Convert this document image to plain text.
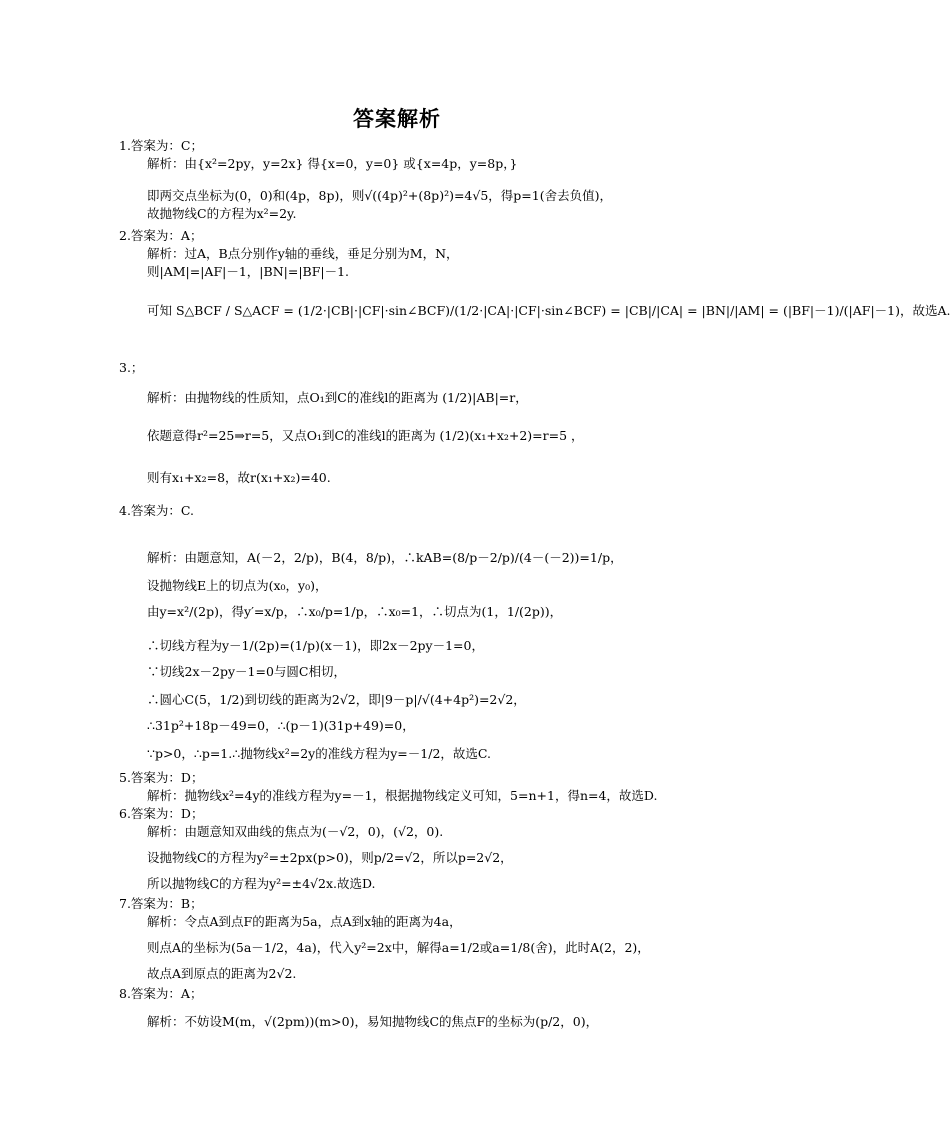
答案解析
1.答案为：C；
解析：由{x²=2py，y=2x} 得{x=0，y=0} 或{x=4p，y=8p，}
即两交点坐标为(0，0)和(4p，8p)，则√((4p)²+(8p)²)=4√5，得p=1(舍去负值)，
故抛物线C的方程为x²=2y.
2.答案为：A；
解析：过A，B点分别作y轴的垂线，垂足分别为M，N，
则|AM|=|AF|－1，|BN|=|BF|－1.
可知 S△BCF / S△ACF = (1/2·|CB|·|CF|·sin∠BCF)/(1/2·|CA|·|CF|·sin∠BCF) = |CB|/|CA| = |BN|/|AM| = (|BF|－1)/(|AF|－1)，故选A.
3.；
解析：由抛物线的性质知，点O₁到C的准线l的距离为 (1/2)|AB|=r，
依题意得r²=25⇒r=5，又点O₁到C的准线l的距离为 (1/2)(x₁+x₂+2)=r=5 ，
则有x₁+x₂=8，故r(x₁+x₂)=40.
4.答案为：C.
解析：由题意知，A(－2，2/p)，B(4，8/p)，∴kAB=(8/p－2/p)/(4－(－2))=1/p，
设抛物线E上的切点为(x₀，y₀)，
由y=x²/(2p)，得y′=x/p，∴x₀/p=1/p，∴x₀=1，∴切点为(1，1/(2p))，
∴切线方程为y－1/(2p)=(1/p)(x－1)，即2x－2py－1=0，
∵切线2x－2py－1=0与圆C相切，
∴圆心C(5，1/2)到切线的距离为2√2，即|9－p|/√(4+4p²)=2√2，
∴31p²+18p－49=0，∴(p－1)(31p+49)=0，
∵p>0，∴p=1.∴抛物线x²=2y的准线方程为y=－1/2，故选C.
5.答案为：D；
解析：抛物线x²=4y的准线方程为y=－1，根据抛物线定义可知，5=n+1，得n=4，故选D.
6.答案为：D；
解析：由题意知双曲线的焦点为(－√2，0)，(√2，0).
设抛物线C的方程为y²=±2px(p>0)，则p/2=√2，所以p=2√2，
所以抛物线C的方程为y²=±4√2x.故选D.
7.答案为：B；
解析：令点A到点F的距离为5a，点A到x轴的距离为4a，
则点A的坐标为(5a－1/2，4a)，代入y²=2x中，解得a=1/2或a=1/8(舍)，此时A(2，2)，
故点A到原点的距离为2√2.
8.答案为：A；
解析：不妨设M(m，√(2pm))(m>0)，易知抛物线C的焦点F的坐标为(p/2，0)，
